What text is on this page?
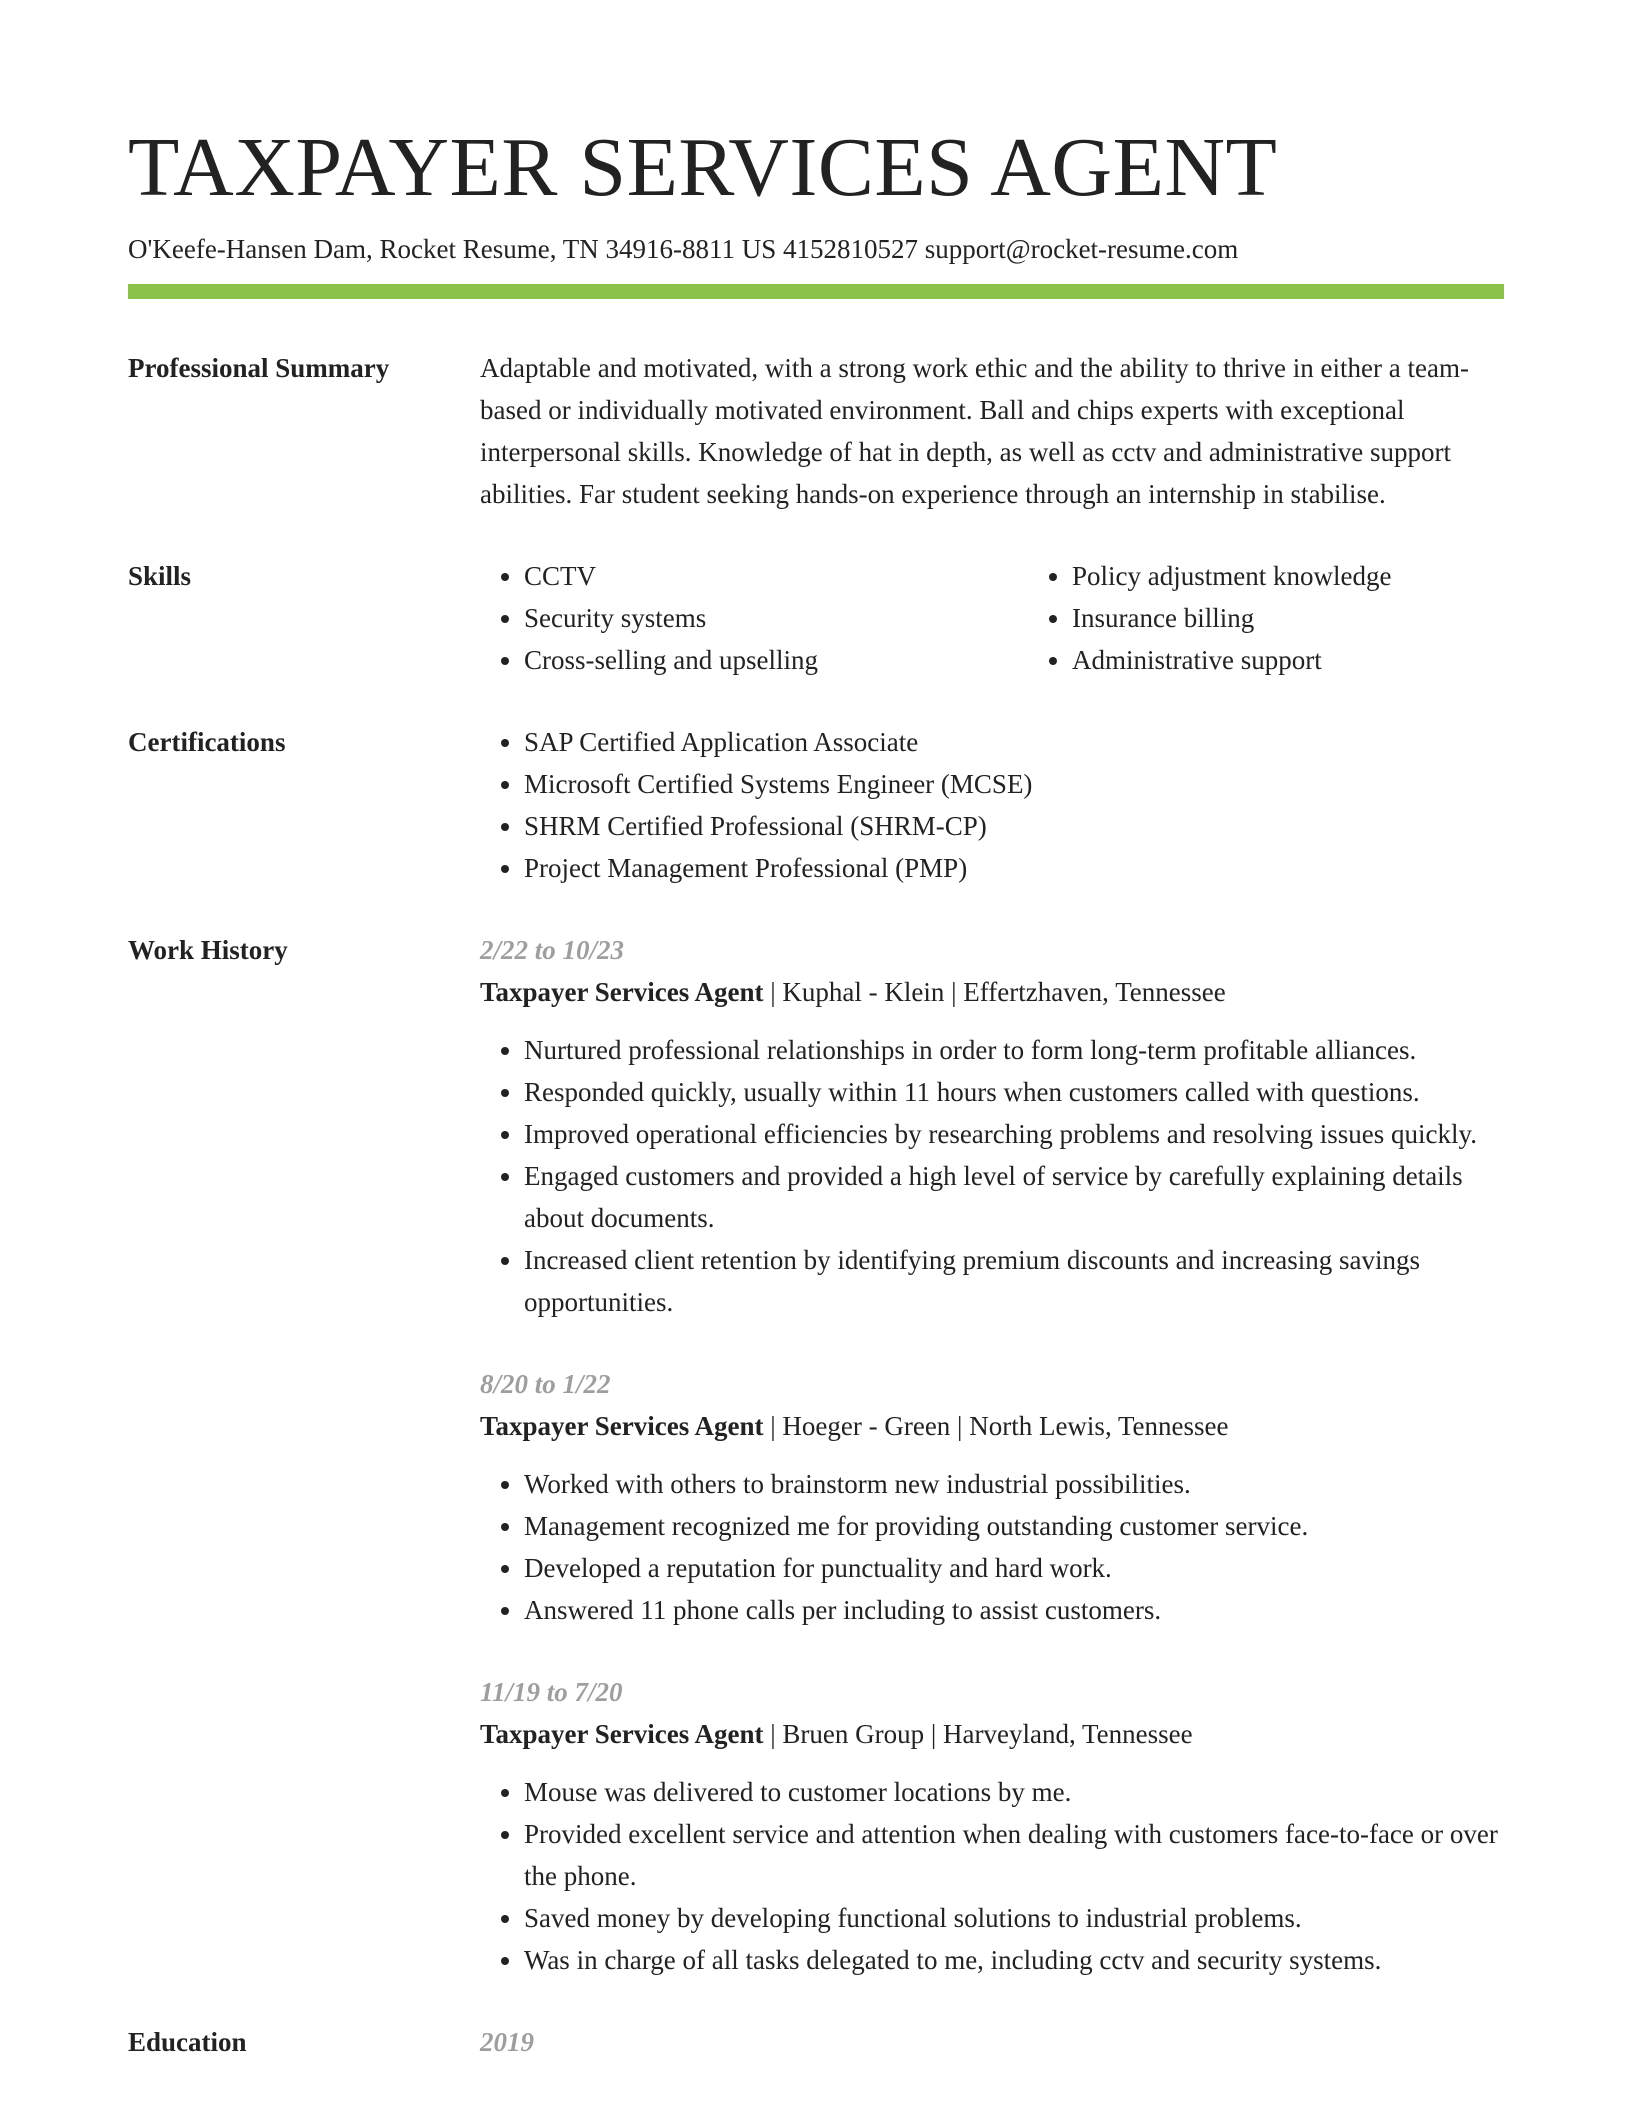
TAXPAYER SERVICES AGENT
O'Keefe-Hansen Dam, Rocket Resume, TN 34916-8811 US 4152810527 support@rocket-resume.com
Professional Summary	Adaptable and motivated, with a strong work ethic and the ability to thrive in either a team-based or individually motivated environment. Ball and chips experts with exceptional interpersonal skills. Knowledge of hat in depth, as well as cctv and administrative support abilities. Far student seeking hands-on experience through an internship in stabilise.
Skills	• CCTV
• Security systems
• Cross-selling and upselling
• Policy adjustment knowledge
• Insurance billing
• Administrative support
Certifications	• SAP Certified Application Associate
• Microsoft Certified Systems Engineer (MCSE)
• SHRM Certified Professional (SHRM-CP)
• Project Management Professional (PMP)
Work History	2/22 to 10/23
Taxpayer Services Agent | Kuphal - Klein | Effertzhaven, Tennessee
• Nurtured professional relationships in order to form long-term profitable alliances.
• Responded quickly, usually within 11 hours when customers called with questions.
• Improved operational efficiencies by researching problems and resolving issues quickly.
• Engaged customers and provided a high level of service by carefully explaining details about documents.
• Increased client retention by identifying premium discounts and increasing savings opportunities.
8/20 to 1/22
Taxpayer Services Agent | Hoeger - Green | North Lewis, Tennessee
• Worked with others to brainstorm new industrial possibilities.
• Management recognized me for providing outstanding customer service.
• Developed a reputation for punctuality and hard work.
• Answered 11 phone calls per including to assist customers.
11/19 to 7/20
Taxpayer Services Agent | Bruen Group | Harveyland, Tennessee
• Mouse was delivered to customer locations by me.
• Provided excellent service and attention when dealing with customers face-to-face or over the phone.
• Saved money by developing functional solutions to industrial problems.
• Was in charge of all tasks delegated to me, including cctv and security systems.
Education	2019
